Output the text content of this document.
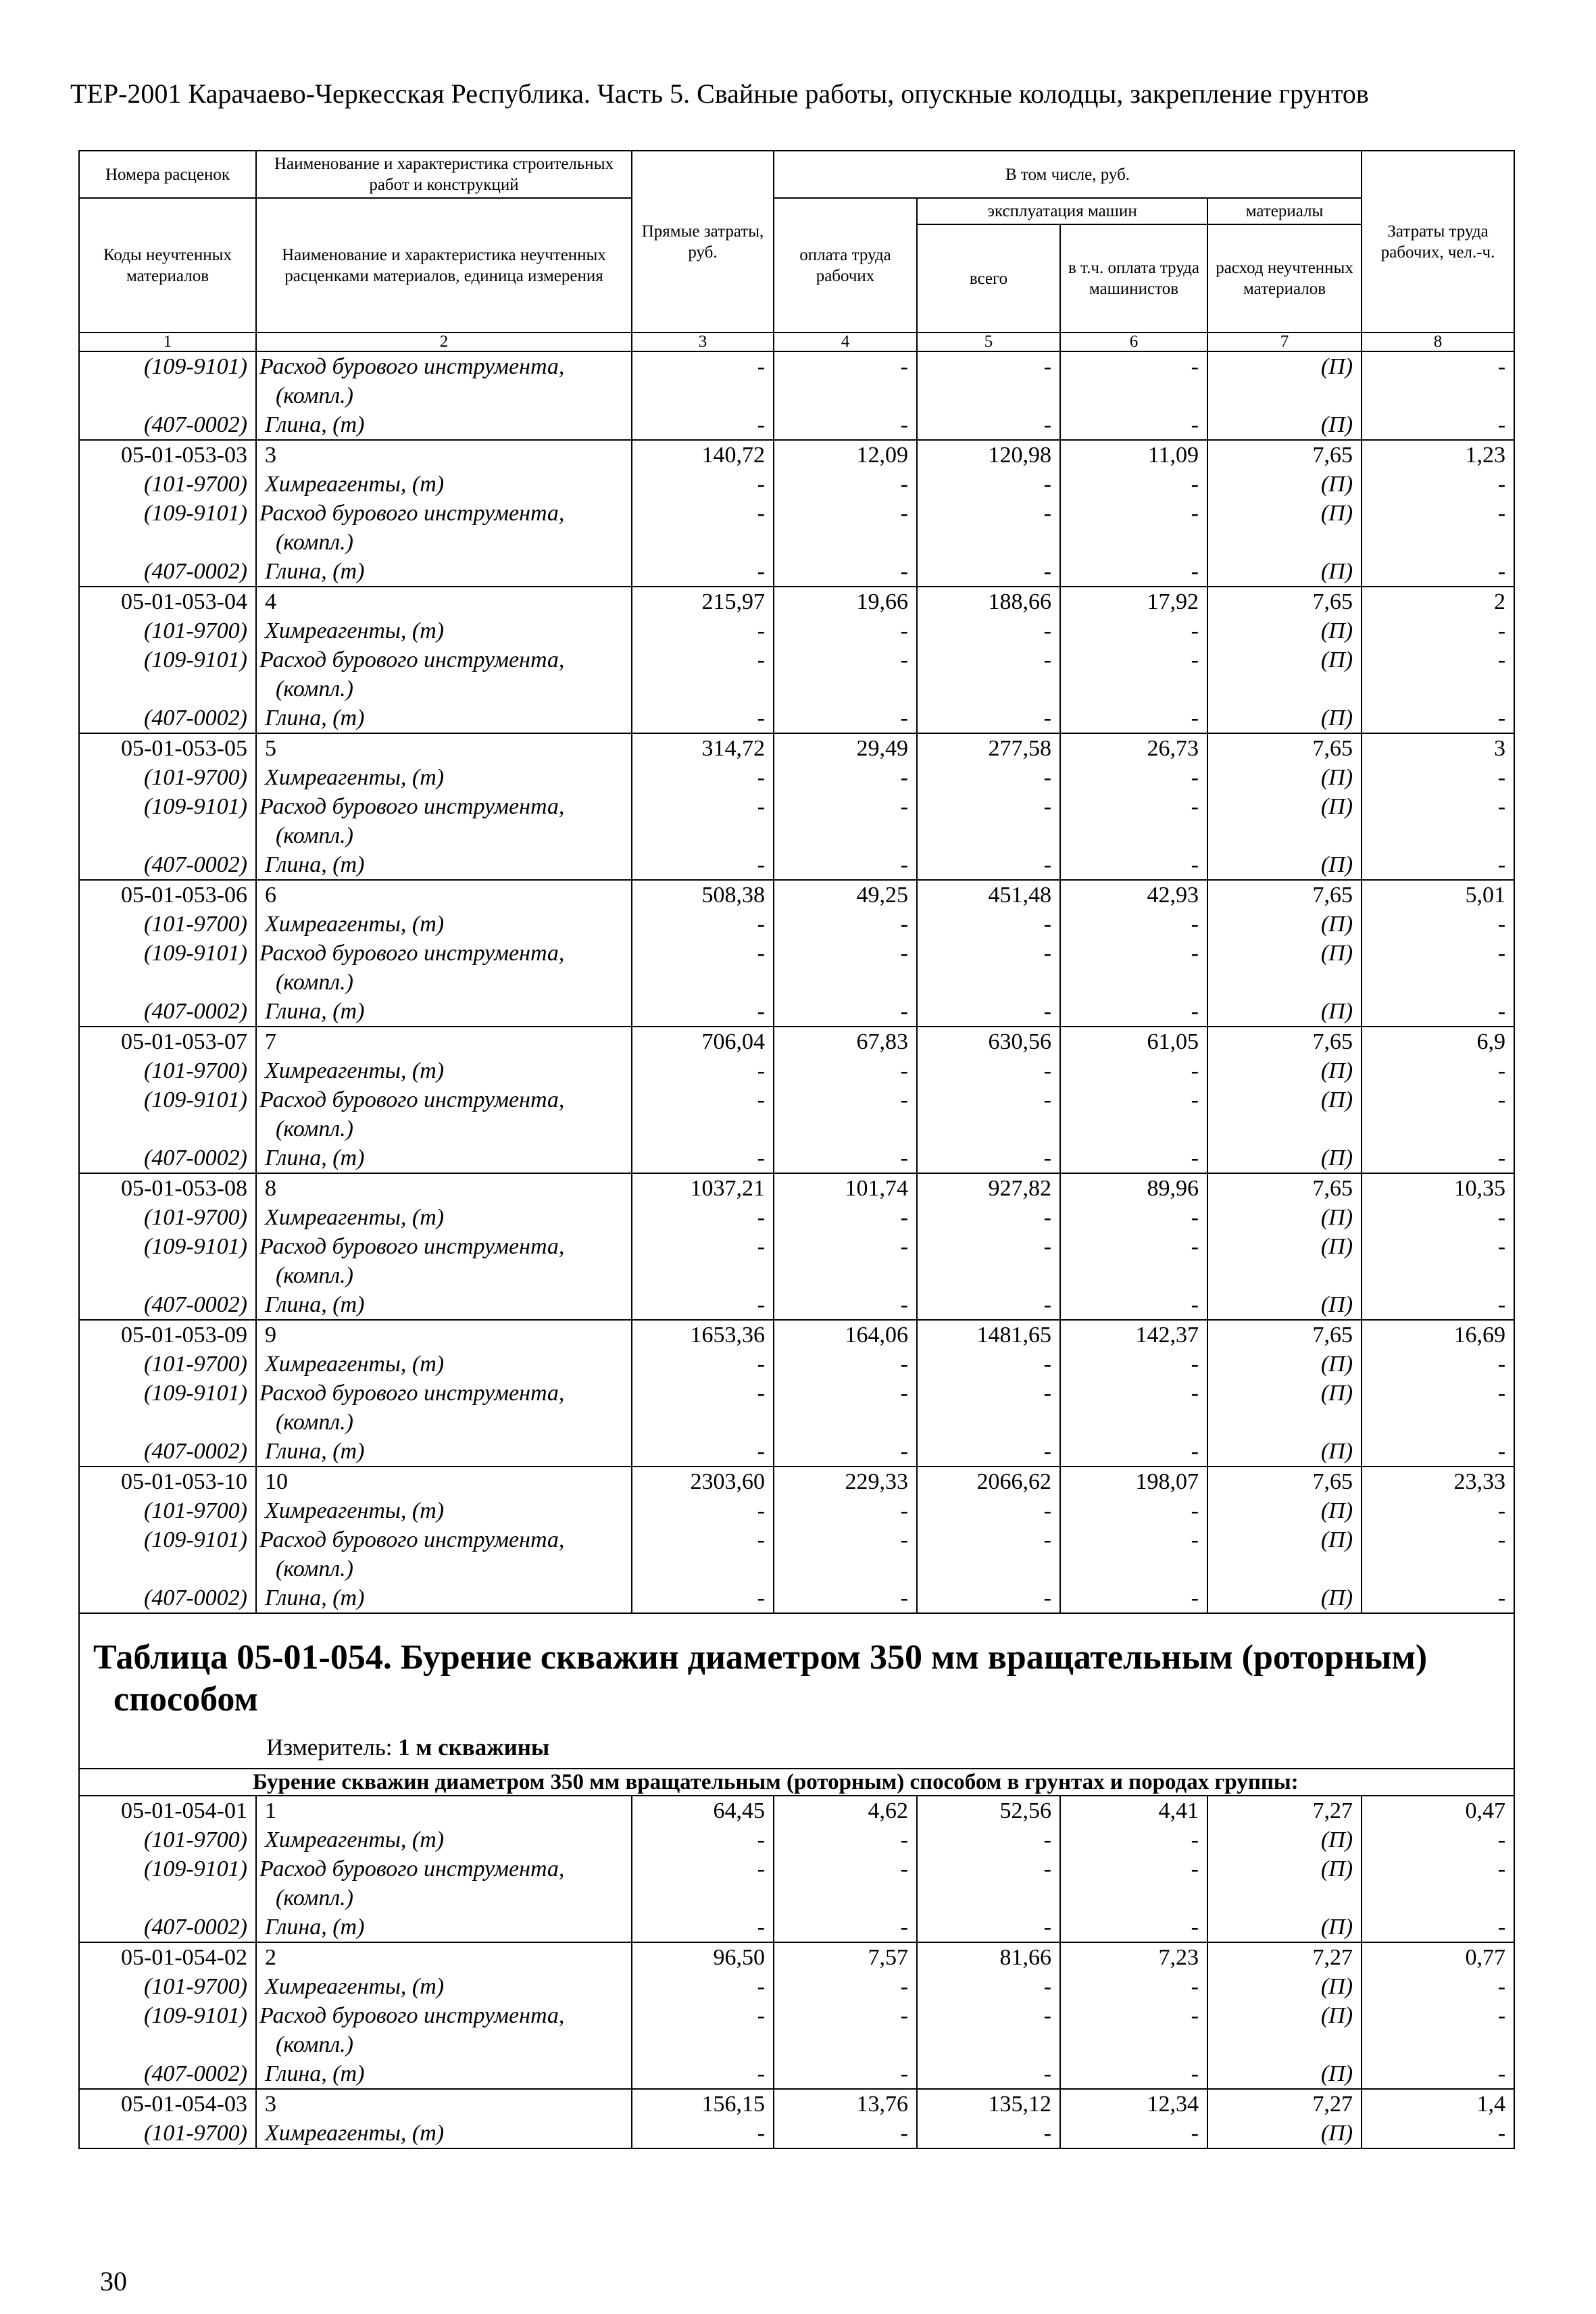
ТЕР-2001 Карачаево-Черкесская Республика. Часть 5. Свайные работы, опускные колодцы, закрепление грунтов
Номера расценок	Наименование и характеристика строительных работ и конструкций	Прямые затраты, руб.	В том числе, руб.				Затраты труда рабочих, чел.-ч.
Коды неучтенных материалов	Наименование и характеристика неучтенных расценками материалов, единица измерения		оплата труда рабочих	эксплуатация машин		материалы	
				всего	в т.ч. оплата труда машинистов	расход неучтенных материалов	

1	2	3	4	5	6	7	8
(109-9101)	Расход бурового инструмента, (компл.)	-	-	-	-	(П)	-
(407-0002)	Глина, (т)	-	-	-	-	(П)	-
05-01-053-03	3	140,72	12,09	120,98	11,09	7,65	1,23
(101-9700)	Химреагенты, (т)	-	-	-	-	(П)	-
(109-9101)	Расход бурового инструмента, (компл.)	-	-	-	-	(П)	-
(407-0002)	Глина, (т)	-	-	-	-	(П)	-
05-01-053-04	4	215,97	19,66	188,66	17,92	7,65	2
(101-9700)	Химреагенты, (т)	-	-	-	-	(П)	-
(109-9101)	Расход бурового инструмента, (компл.)	-	-	-	-	(П)	-
(407-0002)	Глина, (т)	-	-	-	-	(П)	-
05-01-053-05	5	314,72	29,49	277,58	26,73	7,65	3
(101-9700)	Химреагенты, (т)	-	-	-	-	(П)	-
(109-9101)	Расход бурового инструмента, (компл.)	-	-	-	-	(П)	-
(407-0002)	Глина, (т)	-	-	-	-	(П)	-
05-01-053-06	6	508,38	49,25	451,48	42,93	7,65	5,01
(101-9700)	Химреагенты, (т)	-	-	-	-	(П)	-
(109-9101)	Расход бурового инструмента, (компл.)	-	-	-	-	(П)	-
(407-0002)	Глина, (т)	-	-	-	-	(П)	-
05-01-053-07	7	706,04	67,83	630,56	61,05	7,65	6,9
(101-9700)	Химреагенты, (т)	-	-	-	-	(П)	-
(109-9101)	Расход бурового инструмента, (компл.)	-	-	-	-	(П)	-
(407-0002)	Глина, (т)	-	-	-	-	(П)	-
05-01-053-08	8	1037,21	101,74	927,82	89,96	7,65	10,35
(101-9700)	Химреагенты, (т)	-	-	-	-	(П)	-
(109-9101)	Расход бурового инструмента, (компл.)	-	-	-	-	(П)	-
(407-0002)	Глина, (т)	-	-	-	-	(П)	-
05-01-053-09	9	1653,36	164,06	1481,65	142,37	7,65	16,69
(101-9700)	Химреагенты, (т)	-	-	-	-	(П)	-
(109-9101)	Расход бурового инструмента, (компл.)	-	-	-	-	(П)	-
(407-0002)	Глина, (т)	-	-	-	-	(П)	-
05-01-053-10	10	2303,60	229,33	2066,62	198,07	7,65	23,33
(101-9700)	Химреагенты, (т)	-	-	-	-	(П)	-
(109-9101)	Расход бурового инструмента, (компл.)	-	-	-	-	(П)	-
(407-0002)	Глина, (т)	-	-	-	-	(П)	-

Таблица 05-01-054. Бурение скважин диаметром 350 мм вращательным (роторным) способом
Измеритель: 1 м скважины							

Бурение скважин диаметром 350 мм вращательным (роторным) способом в грунтах и породах группы:							
05-01-054-01	1	64,45	4,62	52,56	4,41	7,27	0,47
(101-9700)	Химреагенты, (т)	-	-	-	-	(П)	-
(109-9101)	Расход бурового инструмента, (компл.)	-	-	-	-	(П)	-
(407-0002)	Глина, (т)	-	-	-	-	(П)	-
05-01-054-02	2	96,50	7,57	81,66	7,23	7,27	0,77
(101-9700)	Химреагенты, (т)	-	-	-	-	(П)	-
(109-9101)	Расход бурового инструмента, (компл.)	-	-	-	-	(П)	-
(407-0002)	Глина, (т)	-	-	-	-	(П)	-
05-01-054-03	3	156,15	13,76	135,12	12,34	7,27	1,4
(101-9700)	Химреагенты, (т)	-	-	-	-	(П)	-
30
